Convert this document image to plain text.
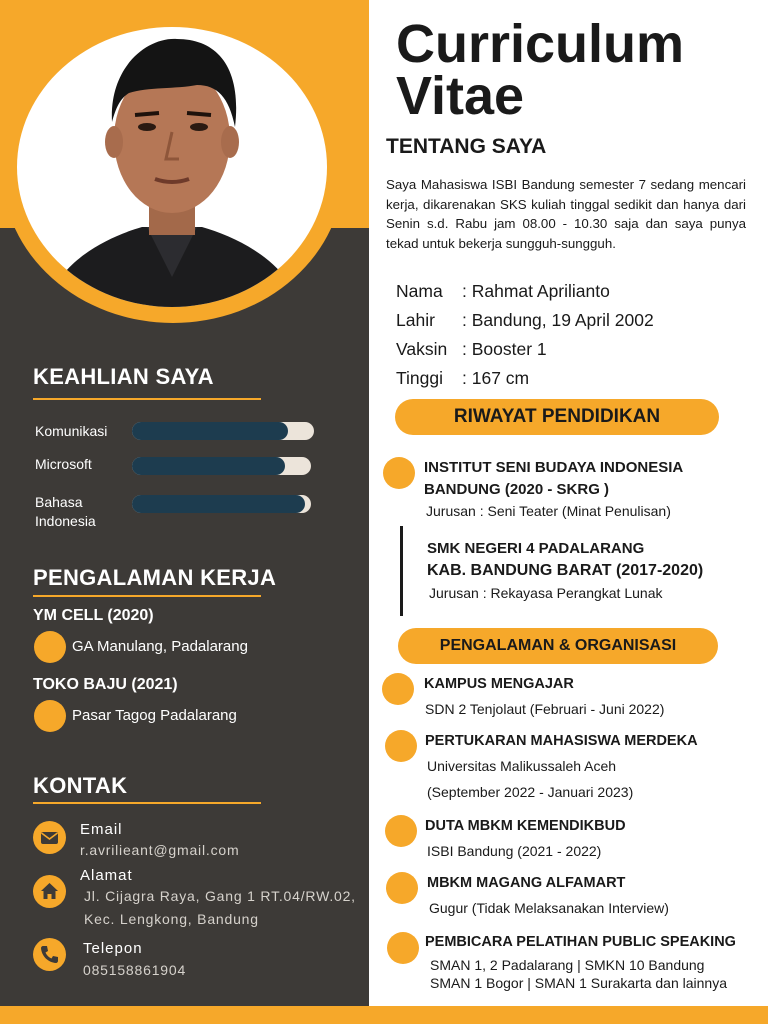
KEAHLIAN SAYA
Komunikasi
Microsoft
Bahasa Indonesia
PENGALAMAN KERJA
YM CELL (2020)
GA Manulang, Padalarang
TOKO BAJU (2021)
Pasar Tagog Padalarang
KONTAK
Email
r.avrilieant@gmail.com
Alamat
Jl. Cijagra Raya, Gang 1 RT.04/RW.02,
Kec. Lengkong, Bandung
Telepon
085158861904
Curriculum
Vitae
TENTANG SAYA
Saya Mahasiswa ISBI Bandung semester 7 sedang mencari kerja, dikarenakan SKS kuliah tinggal sedikit dan hanya dari Senin s.d. Rabu jam 08.00 - 10.30 saja dan saya punya tekad untuk bekerja sungguh-sungguh.
Nama : Rahmat Aprilianto
Lahir : Bandung, 19 April 2002
Vaksin : Booster 1
Tinggi : 167 cm
RIWAYAT PENDIDIKAN
INSTITUT SENI BUDAYA INDONESIA
BANDUNG (2020 - SKRG )
Jurusan : Seni Teater (Minat Penulisan)
SMK NEGERI 4 PADALARANG
KAB. BANDUNG BARAT (2017-2020)
Jurusan : Rekayasa Perangkat Lunak
PENGALAMAN & ORGANISASI
KAMPUS MENGAJAR
SDN 2 Tenjolaut (Februari - Juni 2022)
PERTUKARAN MAHASISWA MERDEKA
Universitas Malikussaleh Aceh
(September 2022 - Januari 2023)
DUTA MBKM KEMENDIKBUD
ISBI Bandung (2021 - 2022)
MBKM MAGANG ALFAMART
Gugur (Tidak Melaksanakan Interview)
PEMBICARA PELATIHAN PUBLIC SPEAKING
SMAN 1, 2 Padalarang | SMKN 10 Bandung
SMAN 1 Bogor | SMAN 1 Surakarta dan lainnya
